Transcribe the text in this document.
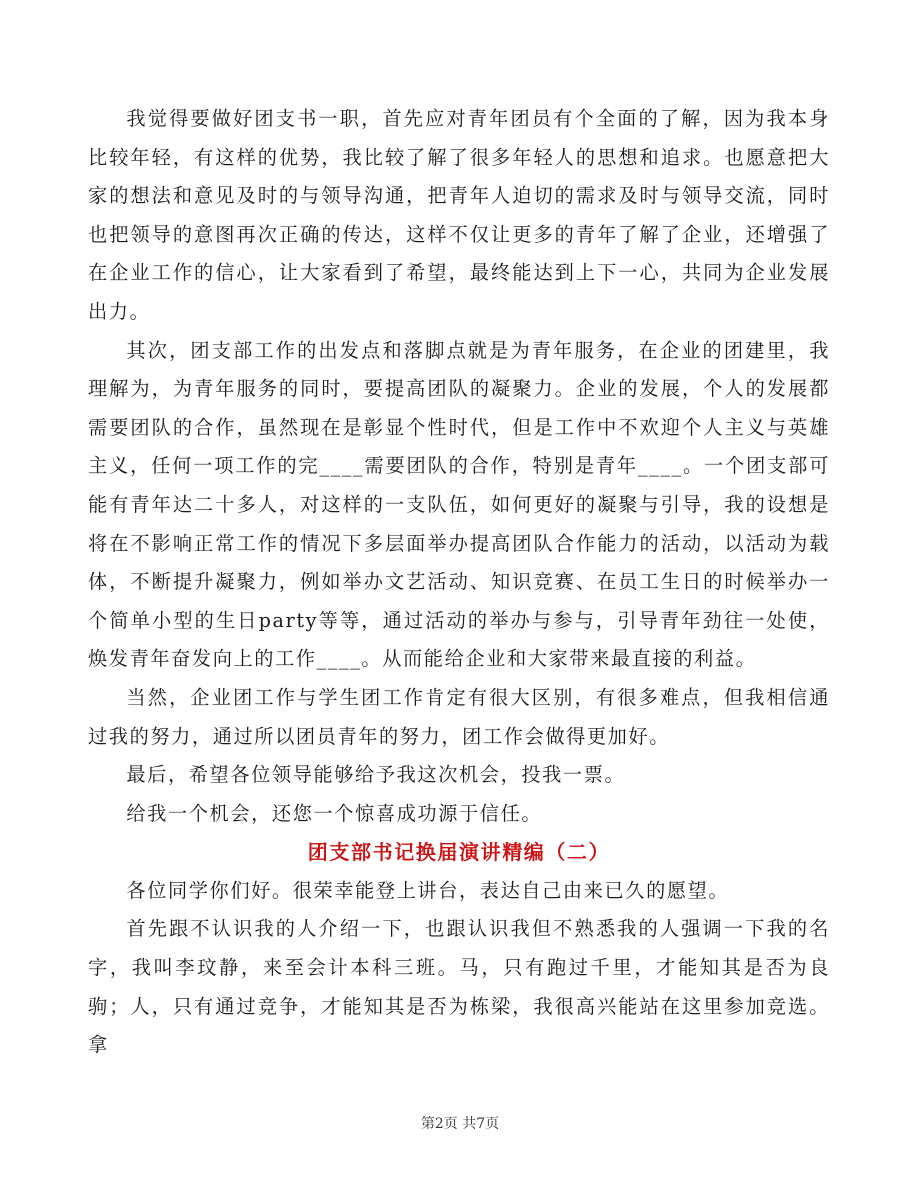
我觉得要做好团支书一职，首先应对青年团员有个全面的了解，因为我本身比较年轻，有这样的优势，我比较了解了很多年轻人的思想和追求。也愿意把大家的想法和意见及时的与领导沟通，把青年人迫切的需求及时与领导交流，同时也把领导的意图再次正确的传达，这样不仅让更多的青年了解了企业，还增强了在企业工作的信心，让大家看到了希望，最终能达到上下一心，共同为企业发展出力。

其次，团支部工作的出发点和落脚点就是为青年服务，在企业的团建里，我理解为，为青年服务的同时，要提高团队的凝聚力。企业的发展，个人的发展都需要团队的合作，虽然现在是彰显个性时代，但是工作中不欢迎个人主义与英雄主义，任何一项工作的完____需要团队的合作，特别是青年____。一个团支部可能有青年达二十多人，对这样的一支队伍，如何更好的凝聚与引导，我的设想是将在不影响正常工作的情况下多层面举办提高团队合作能力的活动，以活动为载体，不断提升凝聚力，例如举办文艺活动、知识竞赛、在员工生日的时候举办一个简单小型的生日party等等，通过活动的举办与参与，引导青年劲往一处使，焕发青年奋发向上的工作____。从而能给企业和大家带来最直接的利益。

当然，企业团工作与学生团工作肯定有很大区别，有很多难点，但我相信通过我的努力，通过所以团员青年的努力，团工作会做得更加好。

最后，希望各位领导能够给予我这次机会，投我一票。

给我一个机会，还您一个惊喜成功源于信任。

团支部书记换届演讲精编（二）

各位同学你们好。很荣幸能登上讲台，表达自己由来已久的愿望。

首先跟不认识我的人介绍一下，也跟认识我但不熟悉我的人强调一下我的名字，我叫李玟静，来至会计本科三班。马，只有跑过千里，才能知其是否为良驹；人，只有通过竞争，才能知其是否为栋梁，我很高兴能站在这里参加竞选。拿

第2页 共7页
